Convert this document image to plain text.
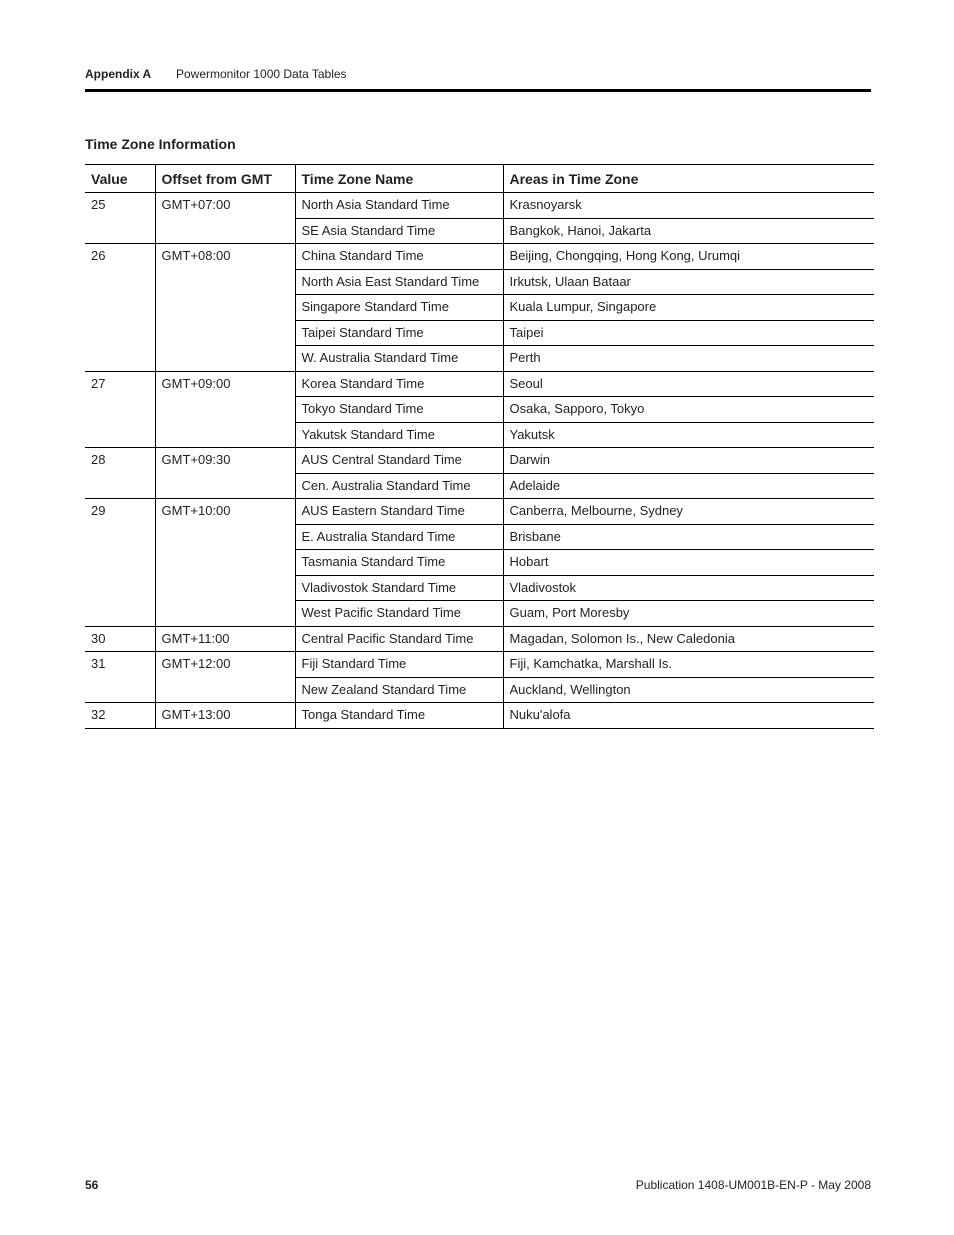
Appendix A Powermonitor 1000 Data Tables
Time Zone Information
Value	Offset from GMT	Time Zone Name	Areas in Time Zone
25	GMT+07:00	North Asia Standard Time	Krasnoyarsk
		SE Asia Standard Time	Bangkok, Hanoi, Jakarta
26	GMT+08:00	China Standard Time	Beijing, Chongqing, Hong Kong, Urumqi
		North Asia East Standard Time	Irkutsk, Ulaan Bataar
		Singapore Standard Time	Kuala Lumpur, Singapore
		Taipei Standard Time	Taipei
		W. Australia Standard Time	Perth
27	GMT+09:00	Korea Standard Time	Seoul
		Tokyo Standard Time	Osaka, Sapporo, Tokyo
		Yakutsk Standard Time	Yakutsk
28	GMT+09:30	AUS Central Standard Time	Darwin
		Cen. Australia Standard Time	Adelaide
29	GMT+10:00	AUS Eastern Standard Time	Canberra, Melbourne, Sydney
		E. Australia Standard Time	Brisbane
		Tasmania Standard Time	Hobart
		Vladivostok Standard Time	Vladivostok
		West Pacific Standard Time	Guam, Port Moresby
30	GMT+11:00	Central Pacific Standard Time	Magadan, Solomon Is., New Caledonia
31	GMT+12:00	Fiji Standard Time	Fiji, Kamchatka, Marshall Is.
		New Zealand Standard Time	Auckland, Wellington
32	GMT+13:00	Tonga Standard Time	Nuku'alofa
56	Publication 1408-UM001B-EN-P - May 2008
